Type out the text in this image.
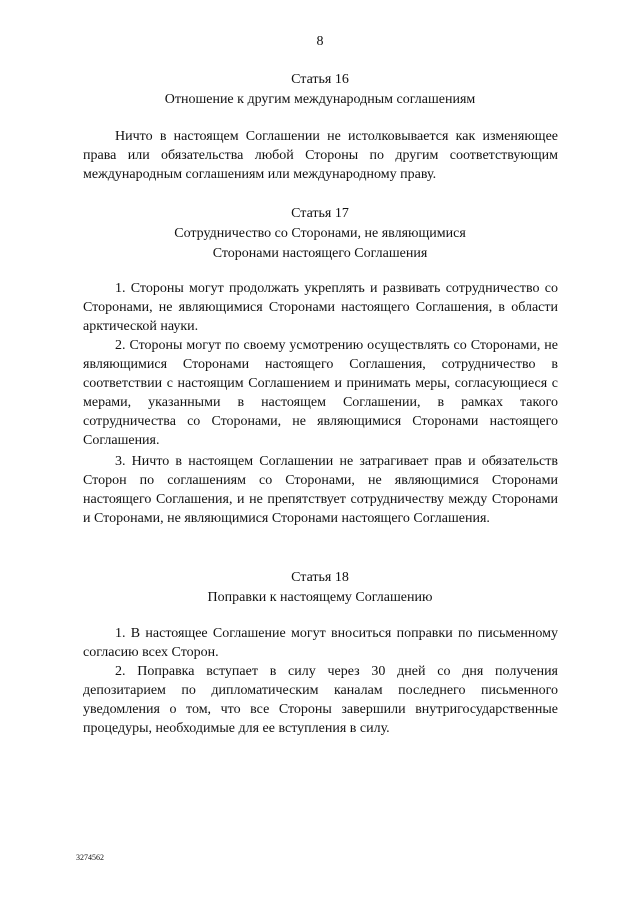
8
Статья 16
Отношение к другим международным соглашениям

Ничто в настоящем Соглашении не истолковывается как изменяющее права или обязательства любой Стороны по другим соответствующим международным соглашениям или международному праву.

Статья 17
Сотрудничество со Сторонами, не являющимися
Сторонами настоящего Соглашения

1. Стороны могут продолжать укреплять и развивать сотрудничество со Сторонами, не являющимися Сторонами настоящего Соглашения, в области арктической науки.

2. Стороны могут по своему усмотрению осуществлять со Сторонами, не являющимися Сторонами настоящего Соглашения, сотрудничество в соответствии с настоящим Соглашением и принимать меры, согласующиеся с мерами, указанными в настоящем Соглашении, в рамках такого сотрудничества со Сторонами, не являющимися Сторонами настоящего Соглашения.

3. Ничто в настоящем Соглашении не затрагивает прав и обязательств Сторон по соглашениям со Сторонами, не являющимися Сторонами настоящего Соглашения, и не препятствует сотрудничеству между Сторонами и Сторонами, не являющимися Сторонами настоящего Соглашения.

Статья 18
Поправки к настоящему Соглашению

1. В настоящее Соглашение могут вноситься поправки по письменному согласию всех Сторон.

2. Поправка вступает в силу через 30 дней со дня получения депозитарием по дипломатическим каналам последнего письменного уведомления о том, что все Стороны завершили внутригосударственные процедуры, необходимые для ее вступления в силу.

3274562
